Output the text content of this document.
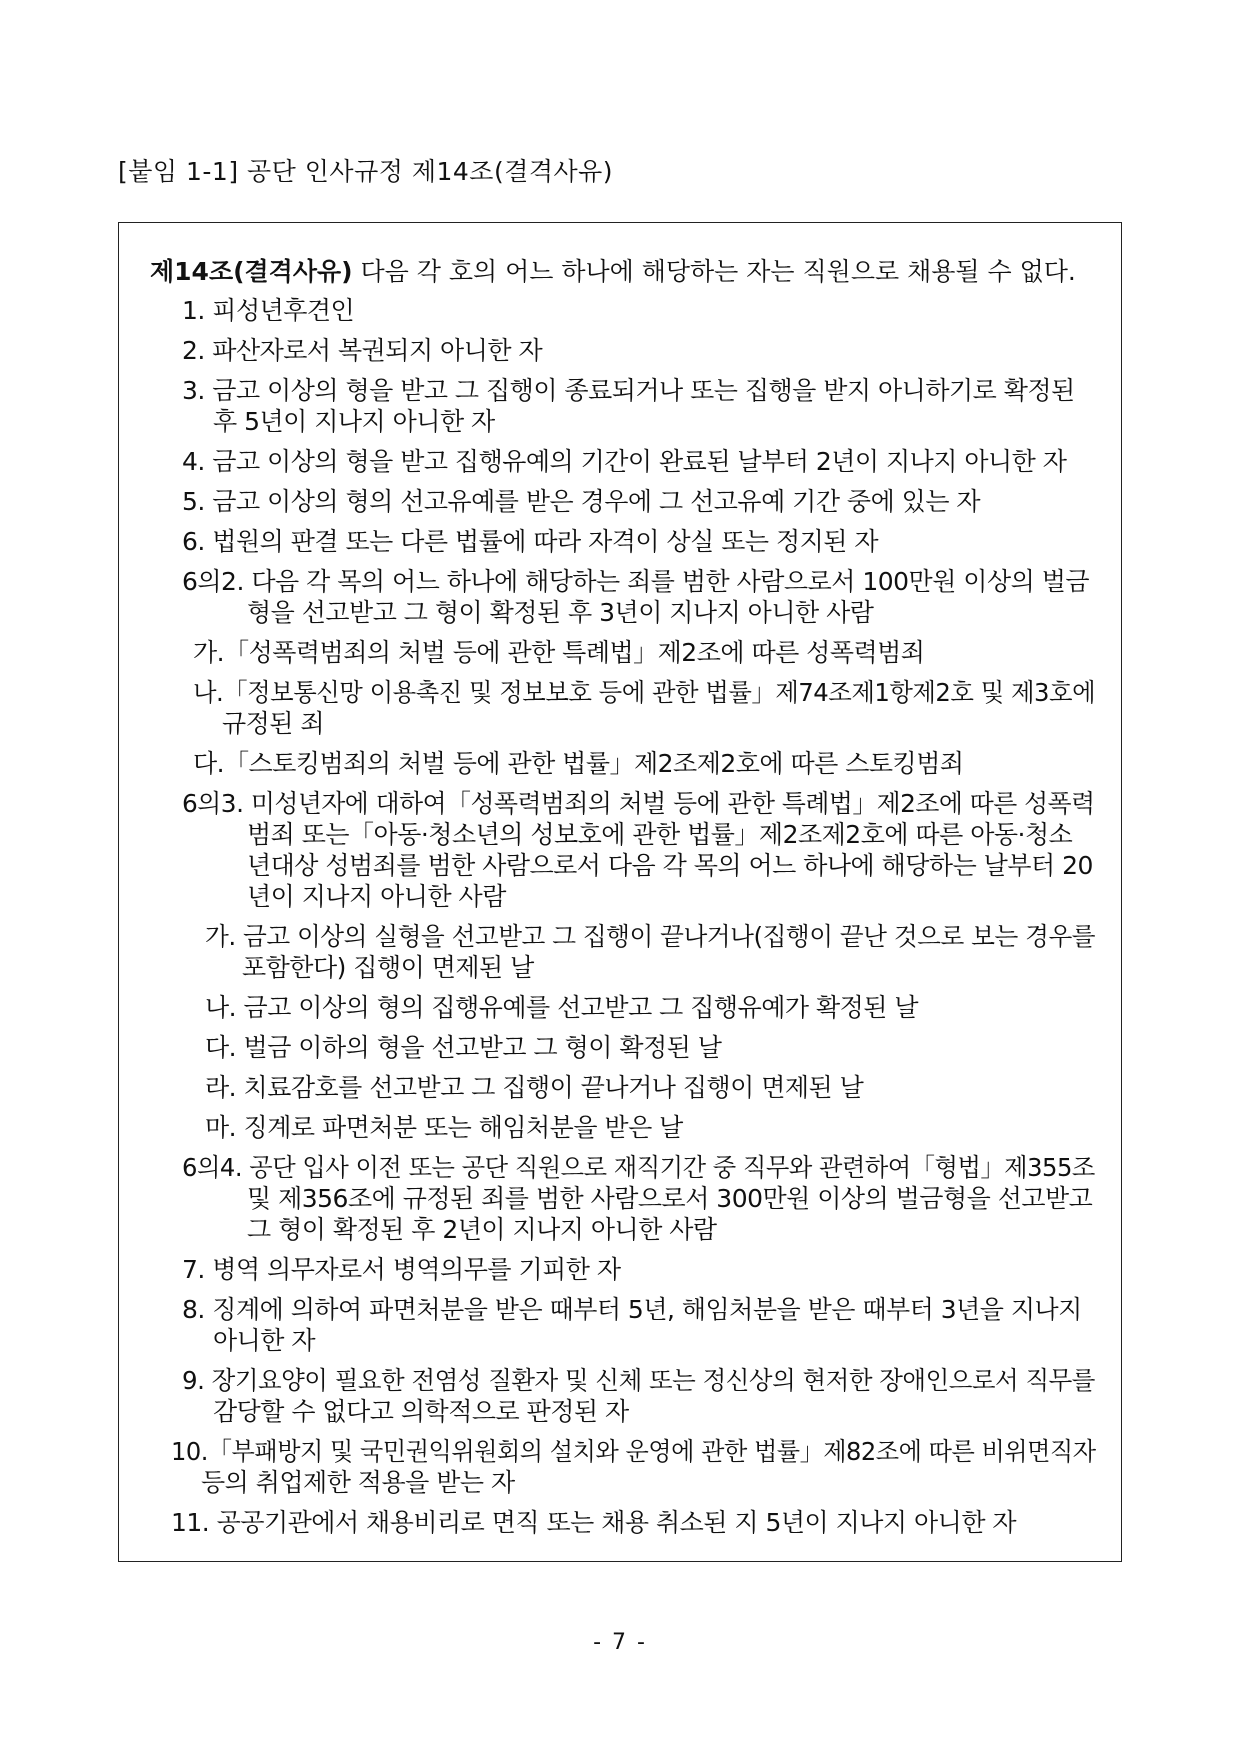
[붙임 1-1] 공단 인사규정 제14조(결격사유)
제14조(결격사유) 다음 각 호의 어느 하나에 해당하는 자는 직원으로 채용될 수 없다.
1. 피성년후견인
2. 파산자로서 복권되지 아니한 자
3. 금고 이상의 형을 받고 그 집행이 종료되거나 또는 집행을 받지 아니하기로 확정된
후 5년이 지나지 아니한 자
4. 금고 이상의 형을 받고 집행유예의 기간이 완료된 날부터 2년이 지나지 아니한 자
5. 금고 이상의 형의 선고유예를 받은 경우에 그 선고유예 기간 중에 있는 자
6. 법원의 판결 또는 다른 법률에 따라 자격이 상실 또는 정지된 자
6의2. 다음 각 목의 어느 하나에 해당하는 죄를 범한 사람으로서 100만원 이상의 벌금
형을 선고받고 그 형이 확정된 후 3년이 지나지 아니한 사람
가.「성폭력범죄의 처벌 등에 관한 특례법」제2조에 따른 성폭력범죄
나.「정보통신망 이용촉진 및 정보보호 등에 관한 법률」제74조제1항제2호 및 제3호에
규정된 죄
다.「스토킹범죄의 처벌 등에 관한 법률」제2조제2호에 따른 스토킹범죄
6의3. 미성년자에 대하여「성폭력범죄의 처벌 등에 관한 특례법」제2조에 따른 성폭력
범죄 또는「아동·청소년의 성보호에 관한 법률」제2조제2호에 따른 아동·청소
년대상 성범죄를 범한 사람으로서 다음 각 목의 어느 하나에 해당하는 날부터 20
년이 지나지 아니한 사람
가. 금고 이상의 실형을 선고받고 그 집행이 끝나거나(집행이 끝난 것으로 보는 경우를
포함한다) 집행이 면제된 날
나. 금고 이상의 형의 집행유예를 선고받고 그 집행유예가 확정된 날
다. 벌금 이하의 형을 선고받고 그 형이 확정된 날
라. 치료감호를 선고받고 그 집행이 끝나거나 집행이 면제된 날
마. 징계로 파면처분 또는 해임처분을 받은 날
6의4. 공단 입사 이전 또는 공단 직원으로 재직기간 중 직무와 관련하여「형법」제355조
및 제356조에 규정된 죄를 범한 사람으로서 300만원 이상의 벌금형을 선고받고
그 형이 확정된 후 2년이 지나지 아니한 사람
7. 병역 의무자로서 병역의무를 기피한 자
8. 징계에 의하여 파면처분을 받은 때부터 5년, 해임처분을 받은 때부터 3년을 지나지
아니한 자
9. 장기요양이 필요한 전염성 질환자 및 신체 또는 정신상의 현저한 장애인으로서 직무를
감당할 수 없다고 의학적으로 판정된 자
10.「부패방지 및 국민권익위원회의 설치와 운영에 관한 법률」제82조에 따른 비위면직자
등의 취업제한 적용을 받는 자
11. 공공기관에서 채용비리로 면직 또는 채용 취소된 지 5년이 지나지 아니한 자
- 7 -
